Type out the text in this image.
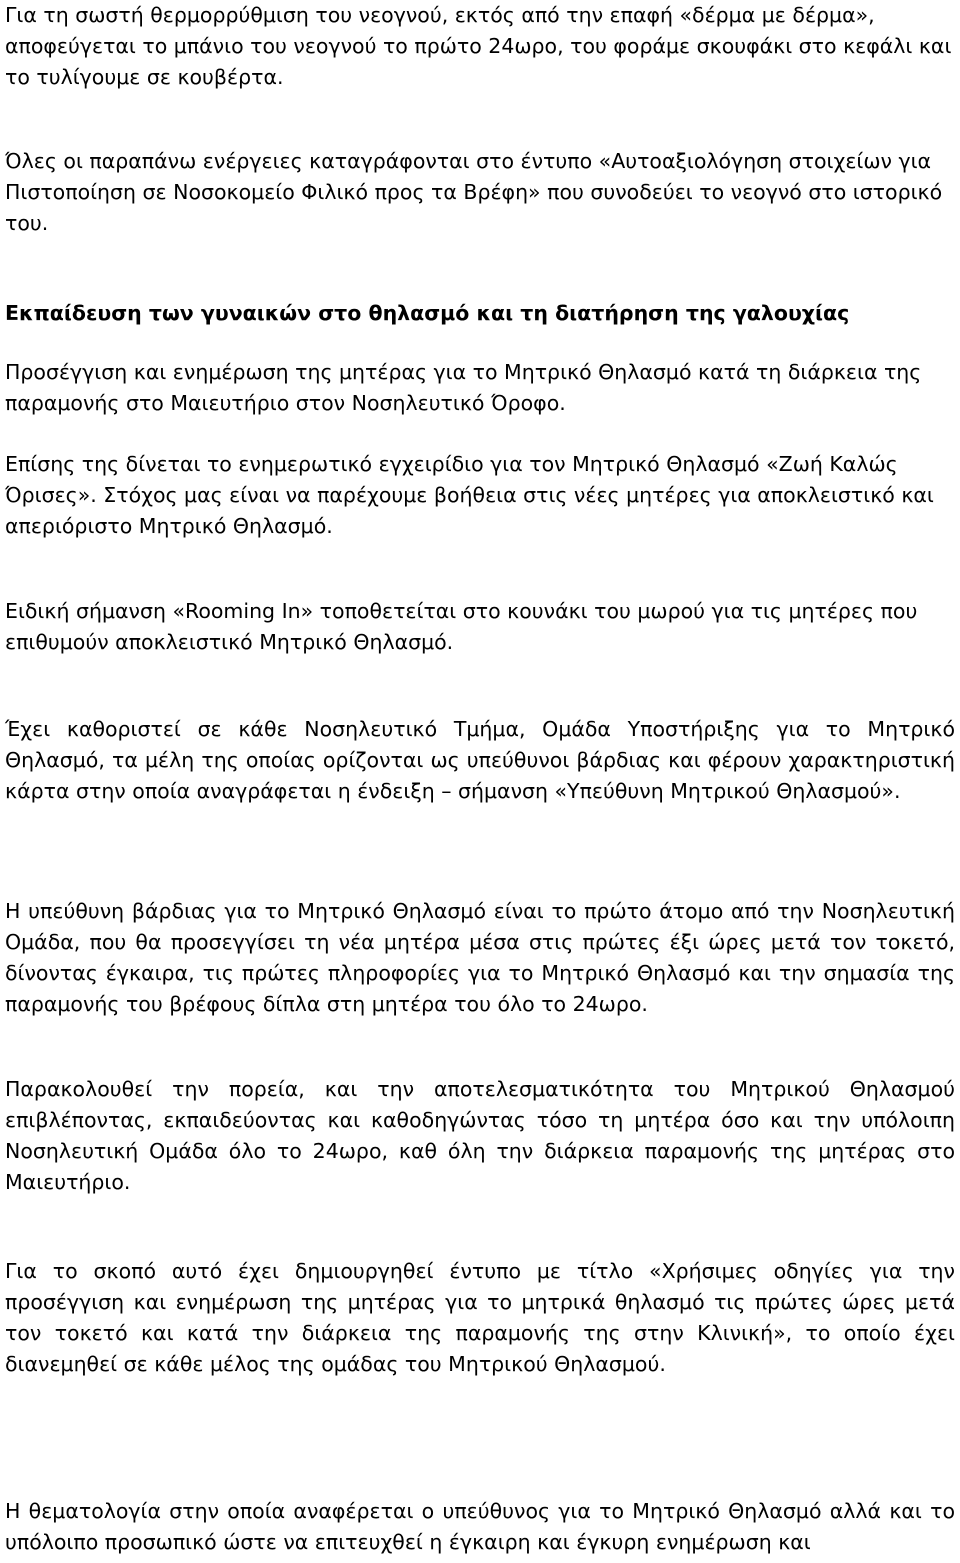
Για τη σωστή θερμορρύθμιση του νεογνού, εκτός από την επαφή «δέρμα με δέρμα», αποφεύγεται το μπάνιο του νεογνού το πρώτο 24ωρο, του φοράμε σκουφάκι στο κεφάλι και το τυλίγουμε σε κουβέρτα.

Όλες οι παραπάνω ενέργειες καταγράφονται στο έντυπο «Αυτοαξιολόγηση στοιχείων για Πιστοποίηση σε Νοσοκομείο Φιλικό προς τα Βρέφη» που συνοδεύει το νεογνό στο ιστορικό του.

Εκπαίδευση των γυναικών στο θηλασμό και τη διατήρηση της γαλουχίας

Προσέγγιση και ενημέρωση της μητέρας για το Μητρικό Θηλασμό κατά τη διάρκεια της παραμονής στο Μαιευτήριο στον Νοσηλευτικό Όροφο.

Επίσης της δίνεται το ενημερωτικό εγχειρίδιο για τον Μητρικό Θηλασμό «Ζωή Καλώς Όρισες». Στόχος μας είναι να παρέχουμε βοήθεια στις νέες μητέρες για αποκλειστικό και απεριόριστο Μητρικό Θηλασμό.

Ειδική σήμανση «Rooming In» τοποθετείται στο κουνάκι του μωρού για τις μητέρες που επιθυμούν αποκλειστικό Μητρικό Θηλασμό.

Έχει καθοριστεί σε κάθε Νοσηλευτικό Τμήμα, Ομάδα Υποστήριξης για το Μητρικό Θηλασμό, τα μέλη της οποίας ορίζονται ως υπεύθυνοι βάρδιας και φέρουν χαρακτηριστική κάρτα στην οποία αναγράφεται η ένδειξη – σήμανση «Υπεύθυνη Μητρικού Θηλασμού».

Η υπεύθυνη βάρδιας για το Μητρικό Θηλασμό είναι το πρώτο άτομο από την Νοσηλευτική Ομάδα, που θα προσεγγίσει τη νέα μητέρα μέσα στις πρώτες έξι ώρες μετά τον τοκετό, δίνοντας έγκαιρα, τις πρώτες πληροφορίες για το Μητρικό Θηλασμό και την σημασία της παραμονής του βρέφους δίπλα στη μητέρα του όλο το 24ωρο.

Παρακολουθεί την πορεία, και την αποτελεσματικότητα του Μητρικού Θηλασμού επιβλέποντας, εκπαιδεύοντας και καθοδηγώντας τόσο τη μητέρα όσο και την υπόλοιπη Νοσηλευτική Ομάδα όλο το 24ωρο, καθ όλη την διάρκεια παραμονής της μητέρας στο Μαιευτήριο.

Για το σκοπό αυτό έχει δημιουργηθεί έντυπο με τίτλο «Χρήσιμες οδηγίες για την προσέγγιση και ενημέρωση της μητέρας για το μητρικά θηλασμό τις πρώτες ώρες μετά τον τοκετό και κατά την διάρκεια της παραμονής της στην Κλινική», το οποίο έχει διανεμηθεί σε κάθε μέλος της ομάδας του Μητρικού Θηλασμού.

Η θεματολογία στην οποία αναφέρεται ο υπεύθυνος για το Μητρικό Θηλασμό αλλά και το υπόλοιπο προσωπικό ώστε να επιτευχθεί η έγκαιρη και έγκυρη ενημέρωση και
